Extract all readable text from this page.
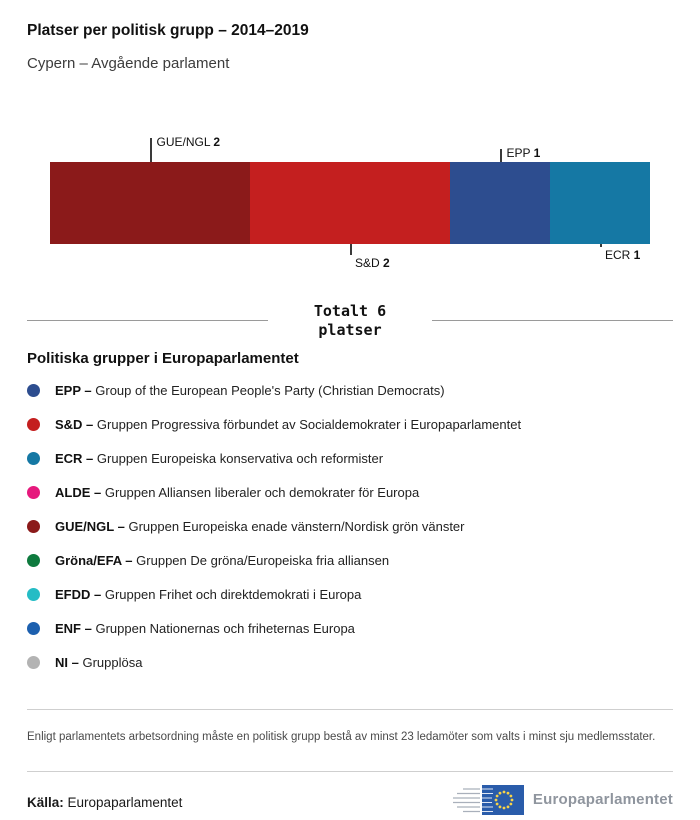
Platser per politisk grupp – 2014–2019
Cypern – Avgående parlament
GUE/NGL 2
EPP 1
S&D 2
ECR 1
Totalt 6
platser
Politiska grupper i Europaparlamentet
EPP – Group of the European People's Party (Christian Democrats)
S&D – Gruppen Progressiva förbundet av Socialdemokrater i Europaparlamentet
ECR – Gruppen Europeiska konservativa och reformister
ALDE – Gruppen Alliansen liberaler och demokrater för Europa
GUE/NGL – Gruppen Europeiska enade vänstern/Nordisk grön vänster
Gröna/EFA – Gruppen De gröna/Europeiska fria alliansen
EFDD – Gruppen Frihet och direktdemokrati i Europa
ENF – Gruppen Nationernas och friheternas Europa
NI – Grupplösa

Enligt parlamentets arbetsordning måste en politisk grupp bestå av minst 23 ledamöter som valts i minst sju medlemsstater.

Källa: Europaparlamentet	Europaparlamentet
